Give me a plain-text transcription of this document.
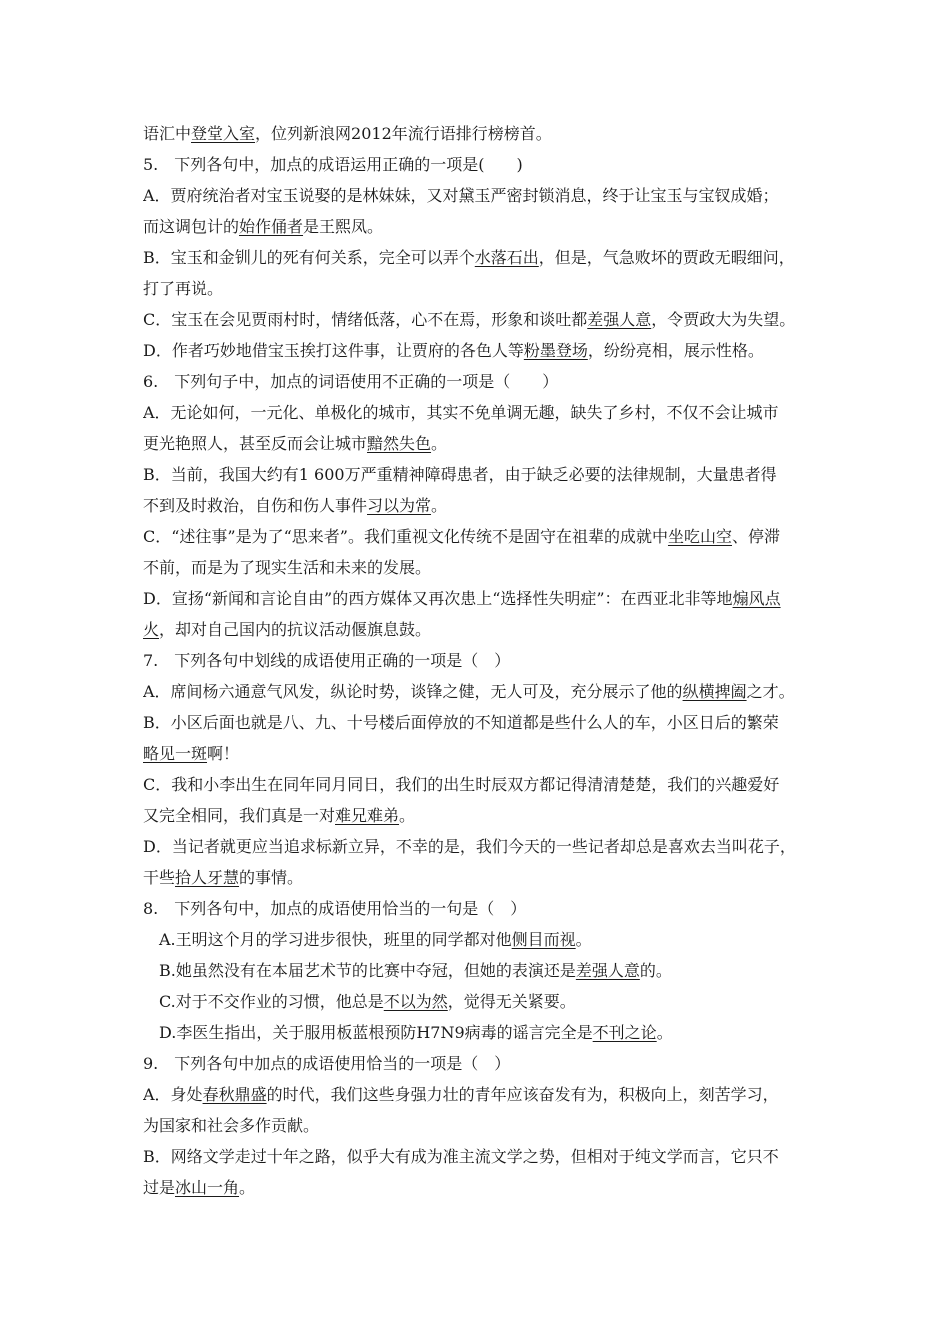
语汇中登堂入室，位列新浪网2012年流行语排行榜榜首。
5.　下列各句中，加点的成语运用正确的一项是(　　)
A．贾府统治者对宝玉说娶的是林妹妹，又对黛玉严密封锁消息，终于让宝玉与宝钗成婚；
而这调包计的始作俑者是王熙凤。
B．宝玉和金钏儿的死有何关系，完全可以弄个水落石出，但是，气急败坏的贾政无暇细问，
打了再说。
C．宝玉在会见贾雨村时，情绪低落，心不在焉，形象和谈吐都差强人意，令贾政大为失望。
D．作者巧妙地借宝玉挨打这件事，让贾府的各色人等粉墨登场，纷纷亮相，展示性格。
6.　下列句子中，加点的词语使用不正确的一项是（　　）
A．无论如何，一元化、单极化的城市，其实不免单调无趣，缺失了乡村，不仅不会让城市
更光艳照人，甚至反而会让城市黯然失色。
B．当前，我国大约有1 600万严重精神障碍患者，由于缺乏必要的法律规制，大量患者得
不到及时救治，自伤和伤人事件习以为常。
C．“述往事”是为了“思来者”。我们重视文化传统不是固守在祖辈的成就中坐吃山空、停滞
不前，而是为了现实生活和未来的发展。
D．宣扬“新闻和言论自由”的西方媒体又再次患上“选择性失明症”：在西亚北非等地煽风点
火，却对自己国内的抗议活动偃旗息鼓。
7.　下列各句中划线的成语使用正确的一项是（　）
A．席间杨六通意气风发，纵论时势，谈锋之健，无人可及，充分展示了他的纵横捭阖之才。
B．小区后面也就是八、九、十号楼后面停放的不知道都是些什么人的车，小区日后的繁荣
略见一斑啊！
C．我和小李出生在同年同月同日，我们的出生时辰双方都记得清清楚楚，我们的兴趣爱好
又完全相同，我们真是一对难兄难弟。
D．当记者就更应当追求标新立异，不幸的是，我们今天的一些记者却总是喜欢去当叫花子，
干些拾人牙慧的事情。
8.　下列各句中，加点的成语使用恰当的一句是（　）
A.王明这个月的学习进步很快，班里的同学都对他侧目而视。
B.她虽然没有在本届艺术节的比赛中夺冠，但她的表演还是差强人意的。
C.对于不交作业的习惯，他总是不以为然，觉得无关紧要。
D.李医生指出，关于服用板蓝根预防H7N9病毒的谣言完全是不刊之论。
9.　下列各句中加点的成语使用恰当的一项是（　）
A．身处春秋鼎盛的时代，我们这些身强力壮的青年应该奋发有为，积极向上，刻苦学习，
为国家和社会多作贡献。
B．网络文学走过十年之路，似乎大有成为准主流文学之势，但相对于纯文学而言，它只不
过是冰山一角。
